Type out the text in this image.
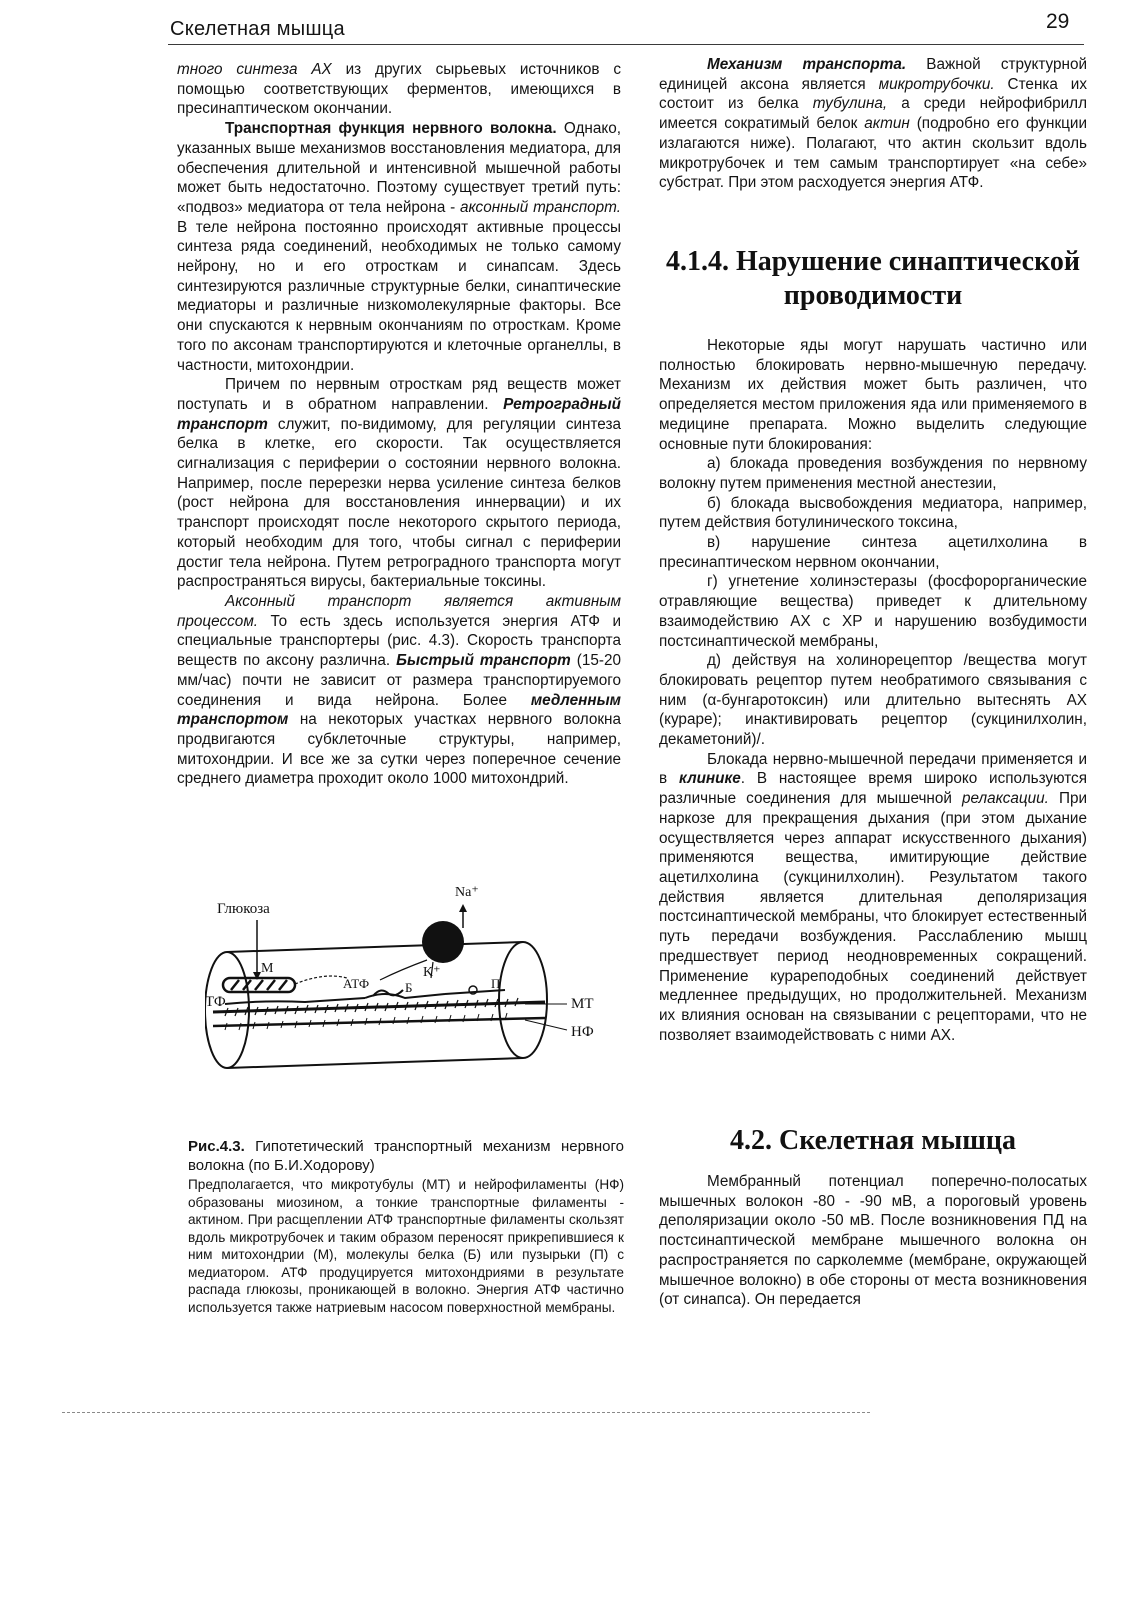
Скелетная мышца	29

тного синтеза АХ из других сырьевых источников с помощью соответствующих ферментов, имеющихся в пресинаптическом окончании.

Транспортная функция нервного волокна. Однако, указанных выше механизмов восстановления медиатора, для обеспечения длительной и интенсивной мышечной работы может быть недостаточно. Поэтому существует третий путь: «подвоз» медиатора от тела нейрона - аксонный транспорт. В теле нейрона постоянно происходят активные процессы синтеза ряда соединений, необходимых не только самому нейрону, но и его отросткам и синапсам. Здесь синтезируются различные структурные белки, синаптические медиаторы и различные низкомолекулярные факторы. Все они спускаются к нервным окончаниям по отросткам. Кроме того по аксонам транспортируются и клеточные органеллы, в частности, митохондрии.

Причем по нервным отросткам ряд веществ может поступать и в обратном направлении. Ретроградный транспорт служит, по-видимому, для регуляции синтеза белка в клетке, его скорости. Так осуществляется сигнализация с периферии о состоянии нервного волокна. Например, после перерезки нерва усиление синтеза белков (рост нейрона для восстановления иннервации) и их транспорт происходят после некоторого скрытого периода, который необходим для того, чтобы сигнал с периферии достиг тела нейрона. Путем ретроградного транспорта могут распространяться вирусы, бактериальные токсины.

Аксонный транспорт является активным процессом. То есть здесь используется энергия АТФ и специальные транспортеры (рис. 4.3). Скорость транспорта веществ по аксону различна. Быстрый транспорт (15-20 мм/час) почти не зависит от размера транспортируемого соединения и вида нейрона. Более медленным транспортом на некоторых участках нервного волокна продвигаются субклеточные структуры, например, митохондрии. И все же за сутки через поперечное сечение среднего диаметра проходит около 1000 митохондрий.

Глюкоза
Na⁺
K⁺
М
АТФ	Б	П
ТФ	МТ
НФ
Рис.4.3. Гипотетический транспортный механизм нервного волокна (по Б.И.Ходорову)
Предполагается, что микротубулы (МТ) и нейрофиламенты (НФ) образованы миозином, а тонкие транспортные филаменты - актином. При расщеплении АТФ транспортные филаменты скользят вдоль микротрубочек и таким образом переносят прикрепившиеся к ним митохондрии (М), молекулы белка (Б) или пузырьки (П) с медиатором. АТФ продуцируется митохондриями в результате распада глюкозы, проникающей в волокно. Энергия АТФ частично используется также натриевым насосом поверхностной мембраны.

Механизм транспорта. Важной структурной единицей аксона является микротрубочки. Стенка их состоит из белка тубулина, а среди нейрофибрилл имеется сократимый белок актин (подробно его функции излагаются ниже). Полагают, что актин скользит вдоль микротрубочек и тем самым транспортирует «на себе» субстрат. При этом расходуется энергия АТФ.

4.1.4. Нарушение синаптической проводимости

Некоторые яды могут нарушать частично или полностью блокировать нервно-мышечную передачу. Механизм их действия может быть различен, что определяется местом приложения яда или применяемого в медицине препарата. Можно выделить следующие основные пути блокирования:

а) блокада проведения возбуждения по нервному волокну путем применения местной анестезии,

б) блокада высвобождения медиатора, например, путем действия ботулинического токсина,

в) нарушение синтеза ацетилхолина в пресинаптическом нервном окончании,

г) угнетение холинэстеразы (фосфорорганические отравляющие вещества) приведет к длительному взаимодействию АХ с ХР и нарушению возбудимости постсинаптической мембраны,

д) действуя на холинорецептор /вещества могут блокировать рецептор путем необратимого связывания с ним (α-бунгаротоксин) или длительно вытеснять АХ (кураре); инактивировать рецептор (сукцинилхолин, декаметоний)/.

Блокада нервно-мышечной передачи применяется и в клинике. В настоящее время широко используются различные соединения для мышечной релаксации. При наркозе для прекращения дыхания (при этом дыхание осуществляется через аппарат искусственного дыхания) применяются вещества, имитирующие действие ацетилхолина (сукцинилхолин). Результатом такого действия является длительная деполяризация постсинаптической мембраны, что блокирует естественный путь передачи возбуждения. Расслаблению мышц предшествует период неодновременных сокращений. Применение курареподобных соединений действует медленнее предыдущих, но продолжительней. Механизм их влияния основан на связывании с рецепторами, что не позволяет взаимодействовать с ними АХ.

4.2. Скелетная мышца

Мембранный потенциал поперечно-полосатых мышечных волокон -80 - -90 мВ, а пороговый уровень деполяризации около -50 мВ. После возникновения ПД на постсинаптической мембране мышечного волокна он распространяется по сарколемме (мембране, окружающей мышечное волокно) в обе стороны от места возникновения (от синапса). Он передается
